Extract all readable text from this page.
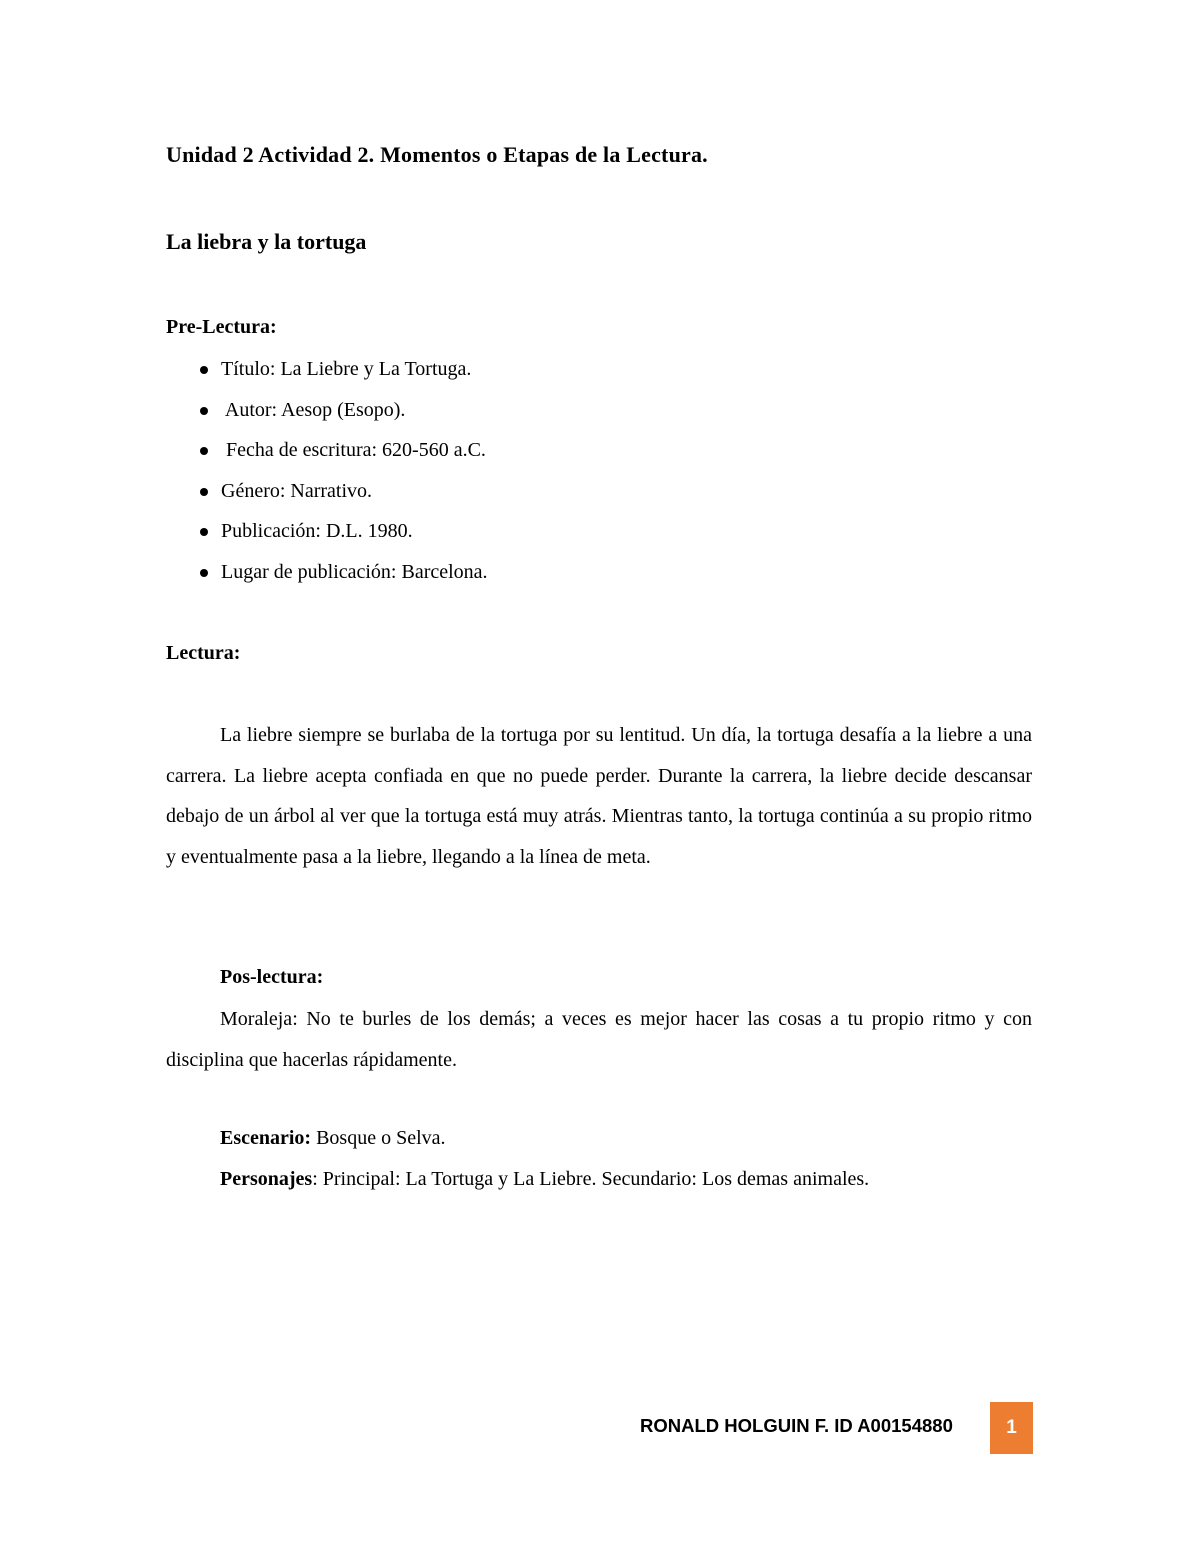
Unidad 2 Actividad 2. Momentos o Etapas de la Lectura.
La liebra y la tortuga
Pre-Lectura:
Título: La Liebre y La Tortuga.
Autor: Aesop (Esopo).
Fecha de escritura: 620-560 a.C.
Género: Narrativo.
Publicación: D.L. 1980.
Lugar de publicación: Barcelona.
Lectura:

La liebre siempre se burlaba de la tortuga por su lentitud. Un día, la tortuga desafía a la liebre a una carrera. La liebre acepta confiada en que no puede perder. Durante la carrera, la liebre decide descansar debajo de un árbol al ver que la tortuga está muy atrás. Mientras tanto, la tortuga continúa a su propio ritmo y eventualmente pasa a la liebre, llegando a la línea de meta.

Pos-lectura:

Moraleja: No te burles de los demás; a veces es mejor hacer las cosas a tu propio ritmo y con disciplina que hacerlas rápidamente.

Escenario: Bosque o Selva.
Personajes: Principal: La Tortuga y La Liebre. Secundario: Los demas animales.
RONALD HOLGUIN F. ID A00154880	1
